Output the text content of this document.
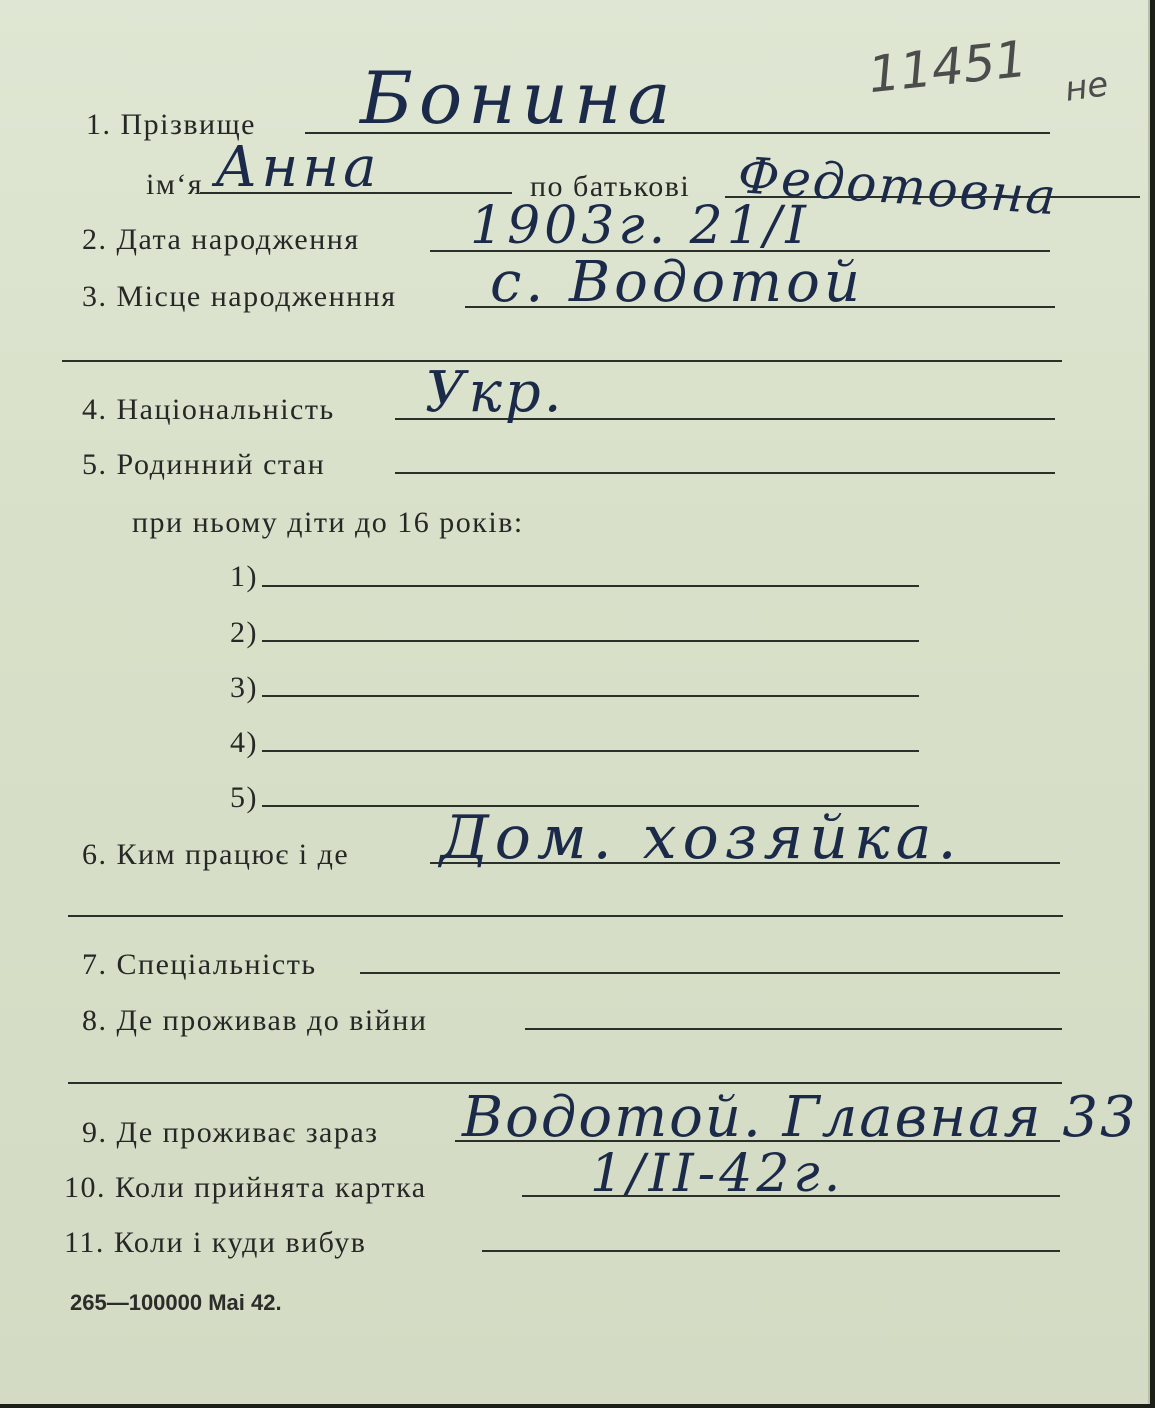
11451 не
1. Прізвище Бонина
ім‘я Анна	по батькові Федотовна
2. Дата народження 1903г. 21/І
3. Місце народженння с. Водотой
4. Національність Укр.
5. Родинний стан
при ньому діти до 16 років:
1)
2)
3)
4)
5)
6. Ким працює і де Дом. хозяйка.
7. Спеціальність
8. Де проживав до війни
9. Де проживає зараз Водотой. Главная 33
10. Коли прийнята картка	1/ІІ-42г.
11. Коли і куди вибув
265—100000 Mai 42.
